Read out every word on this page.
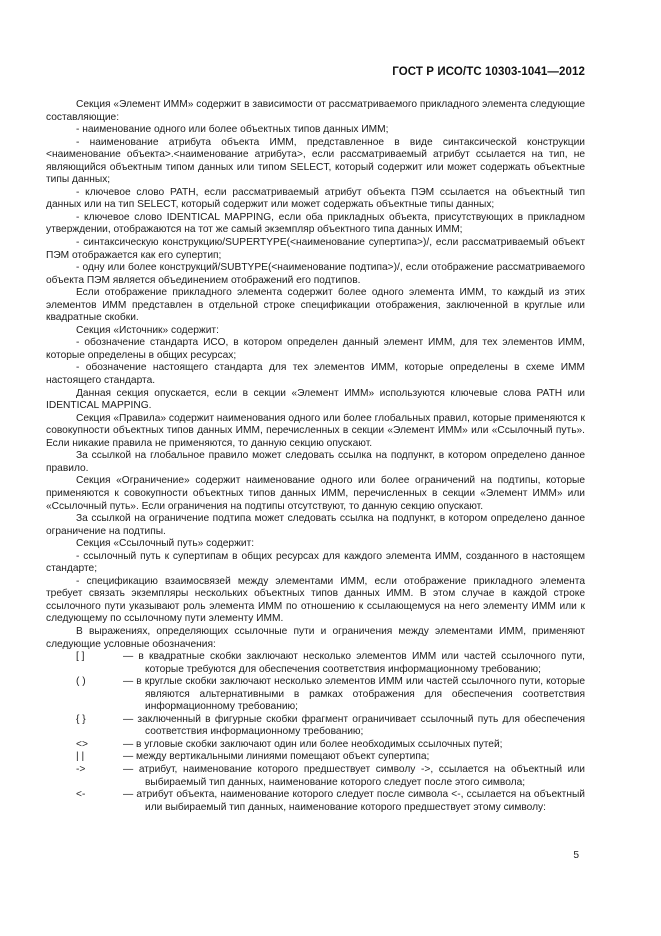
ГОСТ Р ИСО/ТС 10303-1041—2012

Секция «Элемент ИММ» содержит в зависимости от рассматриваемого прикладного элемента следующие составляющие:

- наименование одного или более объектных типов данных ИММ;

- наименование атрибута объекта ИММ, представленное в виде синтаксической конструкции <наименование объекта>.<наименование атрибута>, если рассматриваемый атрибут ссылается на тип, не являющийся объектным типом данных или типом SELECT, который содержит или может содержать объектные типы данных;

- ключевое слово PATH, если рассматриваемый атрибут объекта ПЭМ ссылается на объектный тип данных или на тип SELECT, который содержит или может содержать объектные типы данных;

- ключевое слово IDENTICAL MAPPING, если оба прикладных объекта, присутствующих в прикладном утверждении, отображаются на тот же самый экземпляр объектного типа данных ИММ;

- синтаксическую конструкцию/SUPERTYPE(<наименование супертипа>)/, если рассматриваемый объект ПЭМ отображается как его супертип;

- одну или более конструкций/SUBTYPE(<наименование подтипа>)/, если отображение рассматриваемого объекта ПЭМ является объединением отображений его подтипов.

Если отображение прикладного элемента содержит более одного элемента ИММ, то каждый из этих элементов ИММ представлен в отдельной строке спецификации отображения, заключенной в круглые или квадратные скобки.

Секция «Источник» содержит:

- обозначение стандарта ИСО, в котором определен данный элемент ИММ, для тех элементов ИММ, которые определены в общих ресурсах;

- обозначение настоящего стандарта для тех элементов ИММ, которые определены в схеме ИММ настоящего стандарта.

Данная секция опускается, если в секции «Элемент ИММ» используются ключевые слова PATH или IDENTICAL MAPPING.

Секция «Правила» содержит наименования одного или более глобальных правил, которые применяются к совокупности объектных типов данных ИММ, перечисленных в секции «Элемент ИММ» или «Ссылочный путь». Если никакие правила не применяются, то данную секцию опускают.

За ссылкой на глобальное правило может следовать ссылка на подпункт, в котором определено данное правило.

Секция «Ограничение» содержит наименование одного или более ограничений на подтипы, которые применяются к совокупности объектных типов данных ИММ, перечисленных в секции «Элемент ИММ» или «Ссылочный путь». Если ограничения на подтипы отсутствуют, то данную секцию опускают.

За ссылкой на ограничение подтипа может следовать ссылка на подпункт, в котором определено данное ограничение на подтипы.

Секция «Ссылочный путь» содержит:

- ссылочный путь к супертипам в общих ресурсах для каждого элемента ИММ, созданного в настоящем стандарте;

- спецификацию взаимосвязей между элементами ИММ, если отображение прикладного элемента требует связать экземпляры нескольких объектных типов данных ИММ. В этом случае в каждой строке ссылочного пути указывают роль элемента ИММ по отношению к ссылающемуся на него элементу ИММ или к следующему по ссылочному пути элементу ИММ.

В выражениях, определяющих ссылочные пути и ограничения между элементами ИММ, применяют следующие условные обозначения:

[ ]	— в квадратные скобки заключают несколько элементов ИММ или частей ссылочного пути, которые требуются для обеспечения соответствия информационному требованию;
( )	— в круглые скобки заключают несколько элементов ИММ или частей ссылочного пути, которые являются альтернативными в рамках отображения для обеспечения соответствия информационному требованию;
{ }	— заключенный в фигурные скобки фрагмент ограничивает ссылочный путь для обеспечения соответствия информационному требованию;
<>	— в угловые скобки заключают один или более необходимых ссылочных путей;
| |	— между вертикальными линиями помещают объект супертипа;
->	— атрибут, наименование которого предшествует символу ->, ссылается на объектный или выбираемый тип данных, наименование которого следует после этого символа;
<-	— атрибут объекта, наименование которого следует после символа <-, ссылается на объектный или выбираемый тип данных, наименование которого предшествует этому символу:
5
